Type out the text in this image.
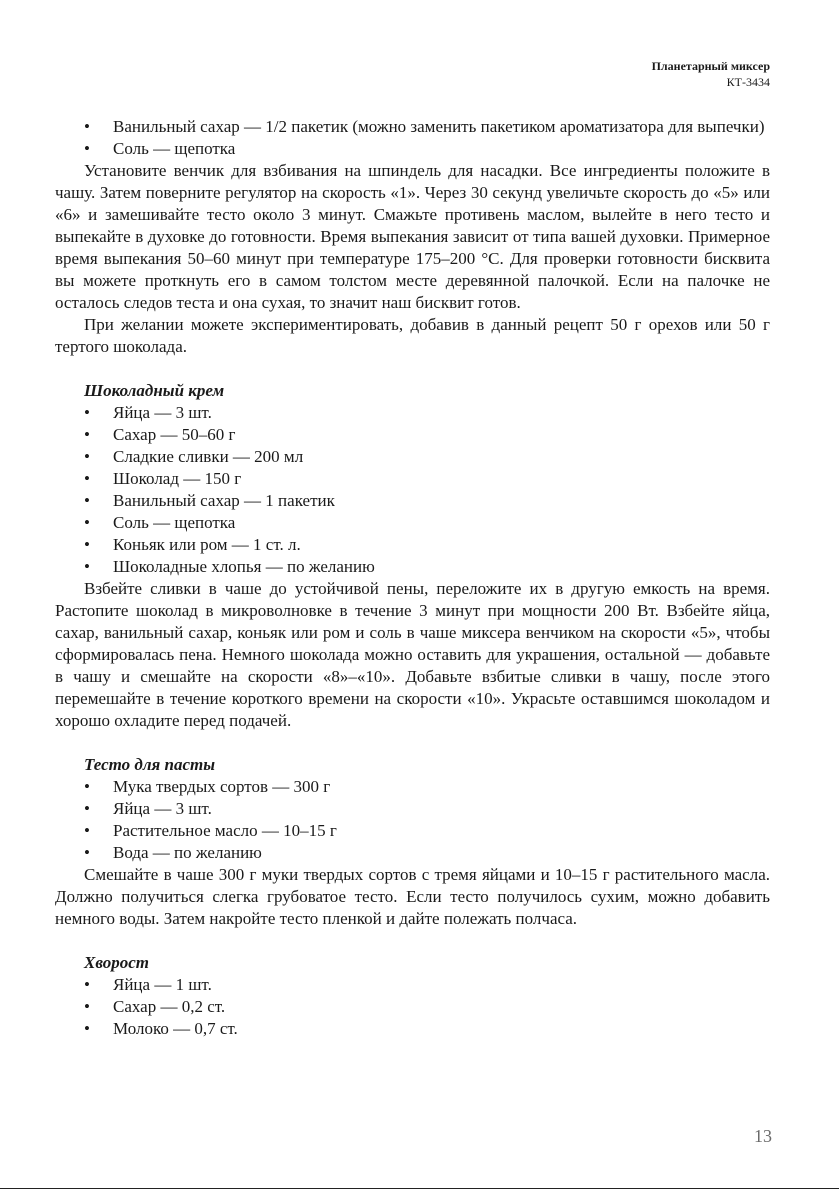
Планетарный миксер
КТ-3434
• Ванильный сахар — 1/2 пакетик (можно заменить пакетиком ароматизатора для выпечки)
• Соль — щепотка

Установите венчик для взбивания на шпиндель для насадки. Все ингредиенты положите в чашу. Затем поверните регулятор на скорость «1». Через 30 секунд увеличьте скорость до «5» или «6» и замешивайте тесто около 3 минут. Смажьте противень маслом, вылейте в него тесто и выпекайте в духовке до готовности. Время выпекания зависит от типа вашей духовки. Примерное время выпекания 50–60 минут при температуре 175–200 °С. Для проверки готовности бисквита вы можете проткнуть его в самом толстом месте деревянной палочкой. Если на палочке не осталось следов теста и она сухая, то значит наш бисквит готов.

При желании можете экспериментировать, добавив в данный рецепт 50 г орехов или 50 г тертого шоколада.

Шоколадный крем
• Яйца — 3 шт.
• Сахар — 50–60 г
• Сладкие сливки — 200 мл
• Шоколад — 150 г
• Ванильный сахар — 1 пакетик
• Соль — щепотка
• Коньяк или ром — 1 ст. л.
• Шоколадные хлопья — по желанию

Взбейте сливки в чаше до устойчивой пены, переложите их в другую емкость на время. Растопите шоколад в микроволновке в течение 3 минут при мощности 200 Вт. Взбейте яйца, сахар, ванильный сахар, коньяк или ром и соль в чаше миксера венчиком на скорости «5», чтобы сформировалась пена. Немного шоколада можно оставить для украшения, остальной — добавьте в чашу и смешайте на скорости «8»–«10». Добавьте взбитые сливки в чашу, после этого перемешайте в течение короткого времени на скорости «10». Украсьте оставшимся шоколадом и хорошо охладите перед подачей.

Тесто для пасты
• Мука твердых сортов — 300 г
• Яйца — 3 шт.
• Растительное масло — 10–15 г
• Вода — по желанию

Смешайте в чаше 300 г муки твердых сортов с тремя яйцами и 10–15 г растительного масла. Должно получиться слегка грубоватое тесто. Если тесто получилось сухим, можно добавить немного воды. Затем накройте тесто пленкой и дайте полежать полчаса.

Хворост
• Яйца — 1 шт.
• Сахар — 0,2 ст.
• Молоко — 0,7 ст.
13
